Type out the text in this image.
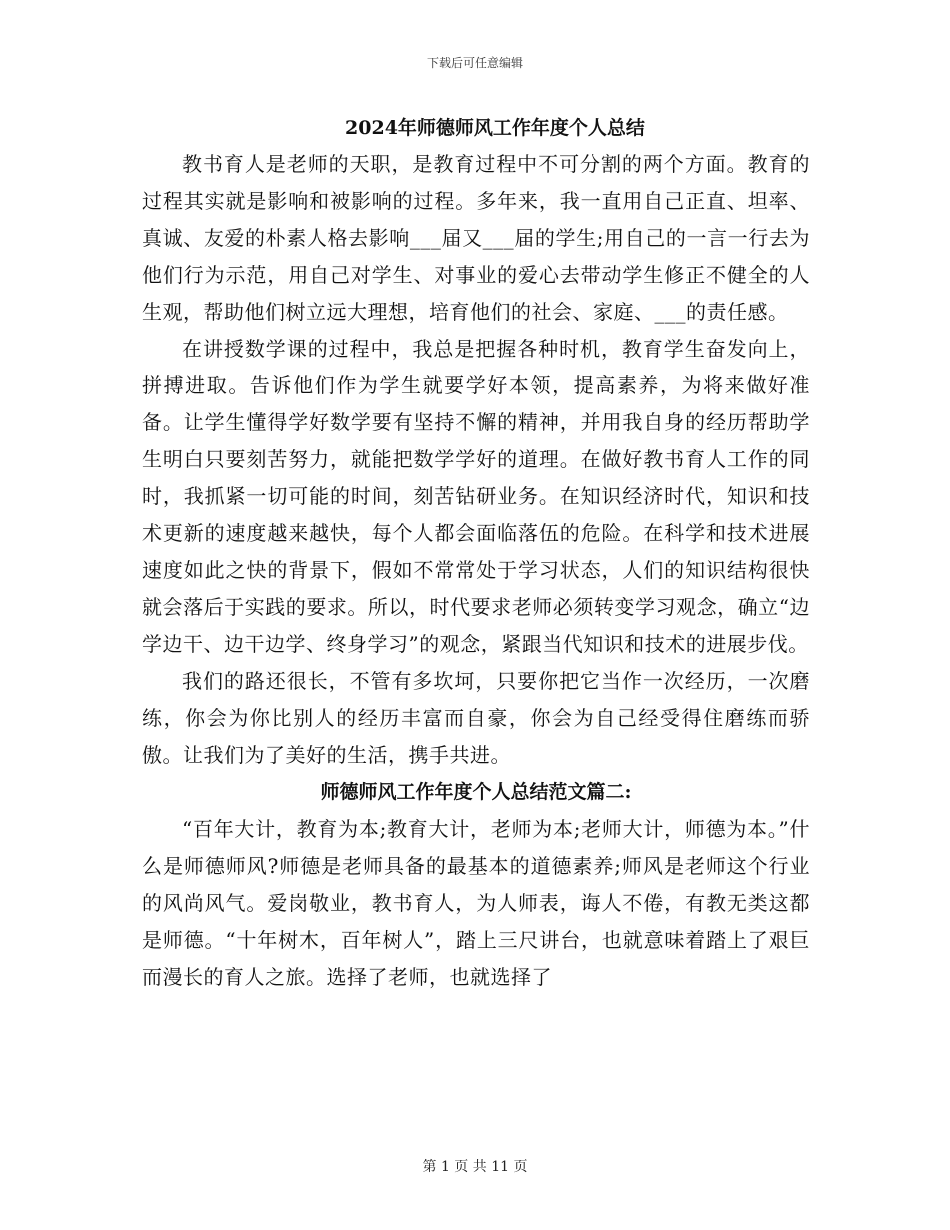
下载后可任意编辑
2024年师德师风工作年度个人总结

教书育人是老师的天职，是教育过程中不可分割的两个方面。教育的过程其实就是影响和被影响的过程。多年来，我一直用自己正直、坦率、真诚、友爱的朴素人格去影响___届又___届的学生;用自己的一言一行去为他们行为示范，用自己对学生、对事业的爱心去带动学生修正不健全的人生观，帮助他们树立远大理想，培育他们的社会、家庭、___的责任感。

在讲授数学课的过程中，我总是把握各种时机，教育学生奋发向上，拼搏进取。告诉他们作为学生就要学好本领，提高素养，为将来做好准备。让学生懂得学好数学要有坚持不懈的精神，并用我自身的经历帮助学生明白只要刻苦努力，就能把数学学好的道理。在做好教书育人工作的同时，我抓紧一切可能的时间，刻苦钻研业务。在知识经济时代，知识和技术更新的速度越来越快，每个人都会面临落伍的危险。在科学和技术进展速度如此之快的背景下，假如不常常处于学习状态，人们的知识结构很快就会落后于实践的要求。所以，时代要求老师必须转变学习观念，确立“边学边干、边干边学、终身学习”的观念，紧跟当代知识和技术的进展步伐。

我们的路还很长，不管有多坎坷，只要你把它当作一次经历，一次磨练，你会为你比别人的经历丰富而自豪，你会为自己经受得住磨练而骄傲。让我们为了美好的生活，携手共进。

师德师风工作年度个人总结范文篇二:

“百年大计，教育为本;教育大计，老师为本;老师大计，师德为本。”什么是师德师风?师德是老师具备的最基本的道德素养;师风是老师这个行业的风尚风气。爱岗敬业，教书育人，为人师表，诲人不倦，有教无类这都是师德。“十年树木，百年树人”，踏上三尺讲台，也就意味着踏上了艰巨而漫长的育人之旅。选择了老师，也就选择了

第 1 页 共 11 页
